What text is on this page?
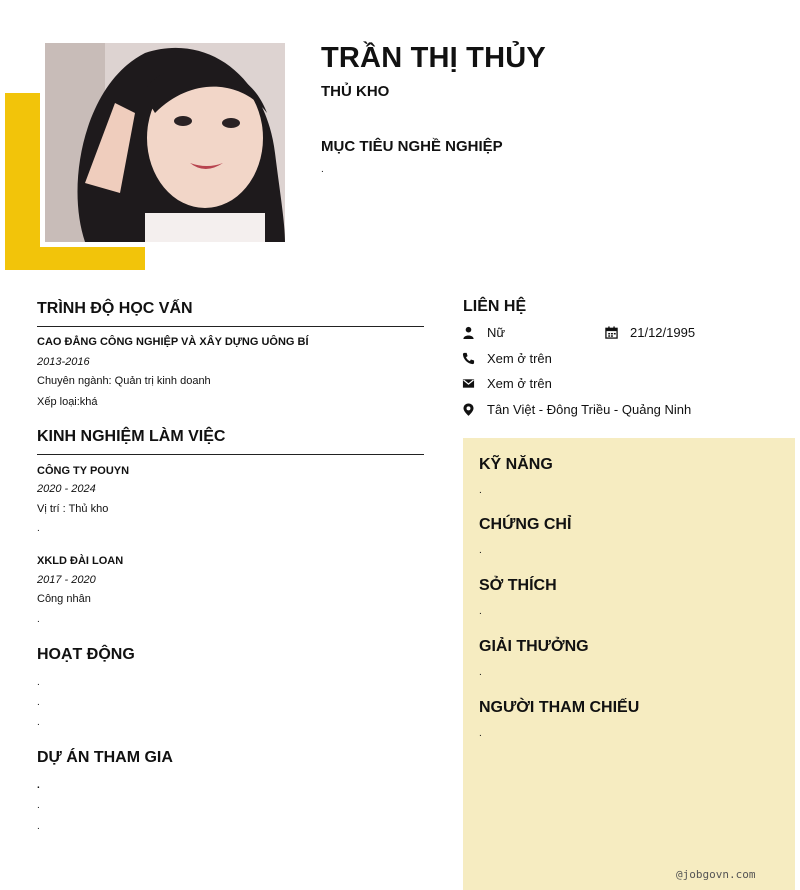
TRẦN THỊ THỦY
THỦ KHO
MỤC TIÊU NGHỀ NGHIỆP
.
TRÌNH ĐỘ HỌC VẤN
CAO ĐẲNG CÔNG NGHIỆP VÀ XÂY DỰNG UÔNG BÍ
2013-2016
Chuyên ngành: Quản trị kinh doanh
Xếp loại:khá
KINH NGHIỆM LÀM VIỆC
CÔNG TY POUYN
2020 - 2024
Vị trí : Thủ kho
.
XKLD ĐÀI LOAN
2017 - 2020
Công nhân
.
HOẠT ĐỘNG
.
.
.
DỰ ÁN THAM GIA
.
.
.
LIÊN HỆ
Nữ	21/12/1995
Xem ở trên
Xem ở trên
Tân Việt - Đông Triều - Quảng Ninh
KỸ NĂNG
.
CHỨNG CHỈ
.
SỞ THÍCH
.
GIẢI THƯỞNG
.
NGƯỜI THAM CHIẾU
.
@jobgovn.com
